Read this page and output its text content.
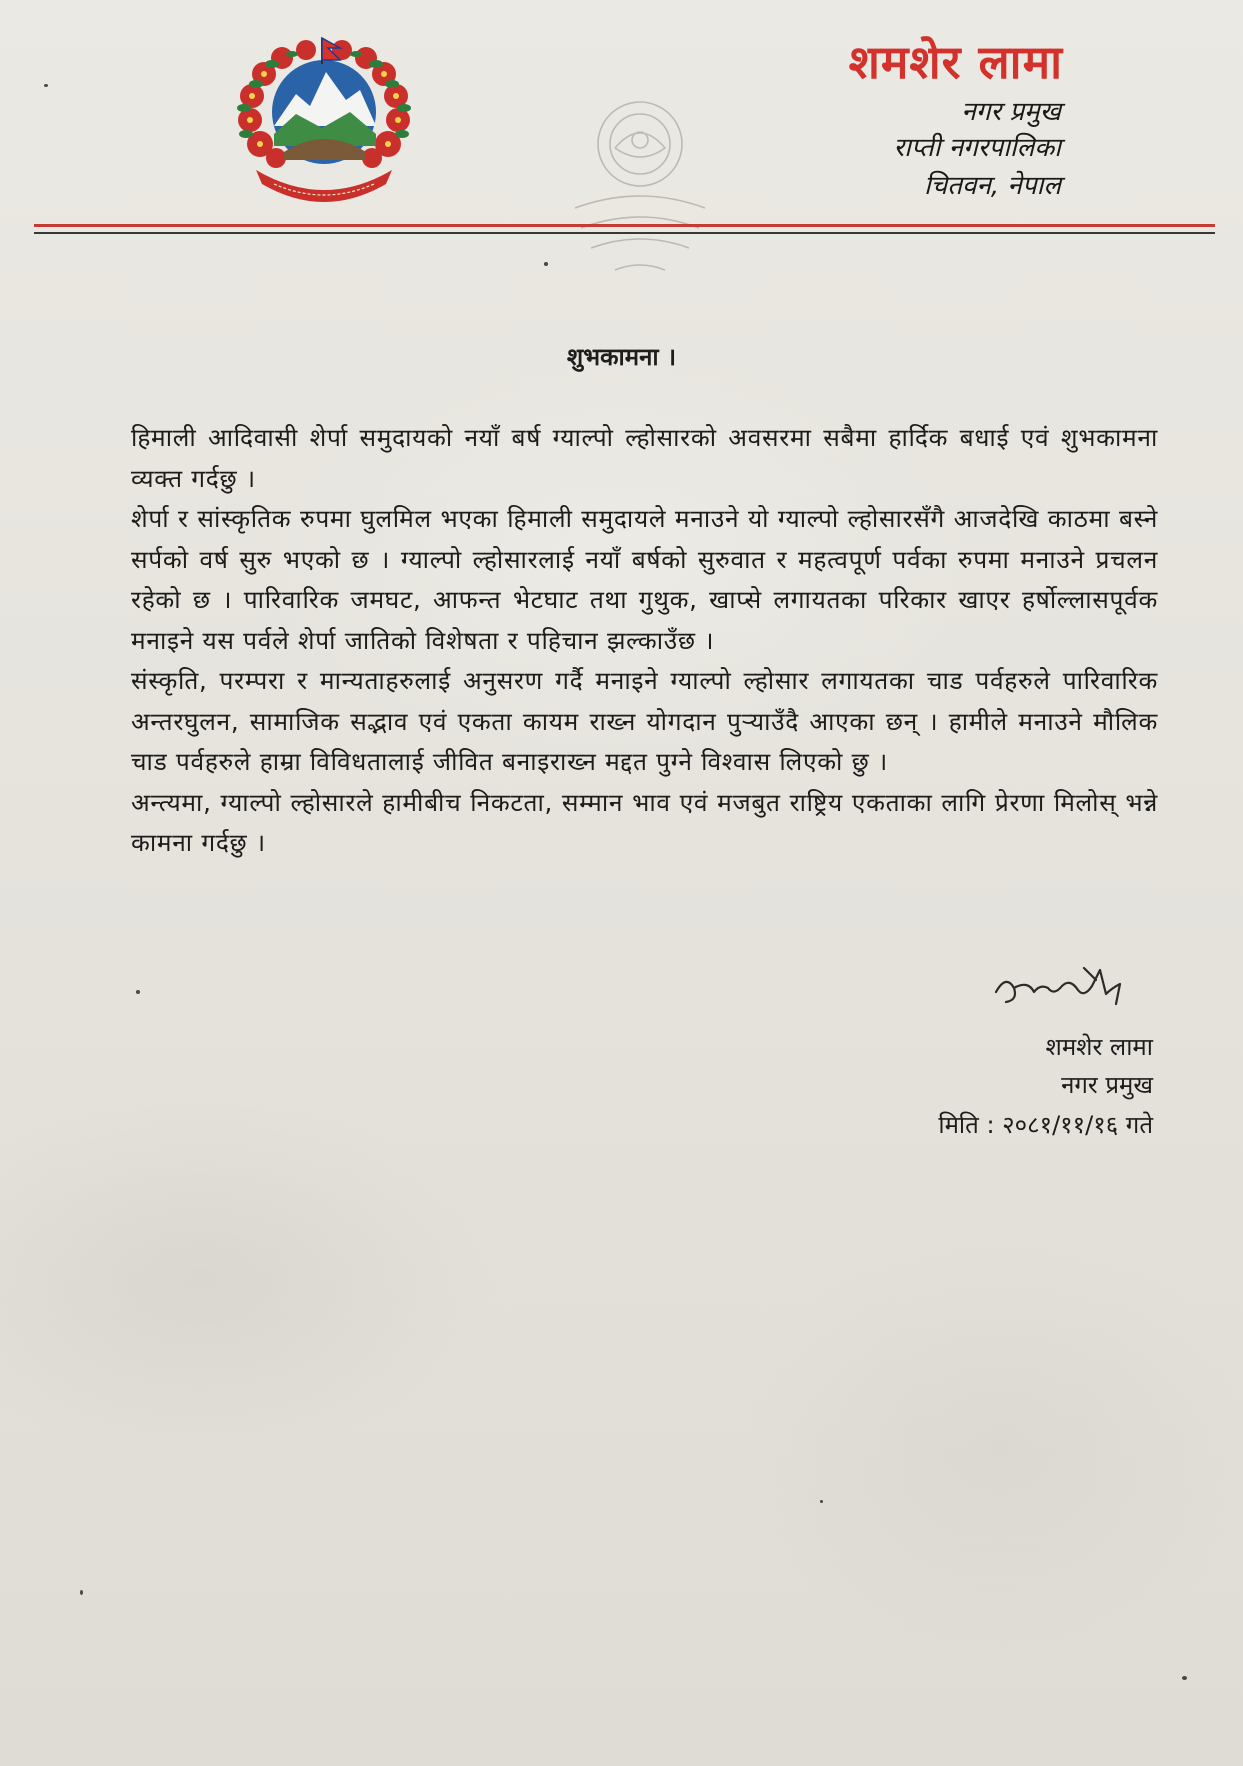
शमशेर लामा
नगर प्रमुख
राप्ती नगरपालिका
चितवन, नेपाल
शुभकामना ।

हिमाली आदिवासी शेर्पा समुदायको नयाँ बर्ष ग्याल्पो ल्होसारको अवसरमा सबैमा हार्दिक बधाई एवं शुभकामना व्यक्त गर्दछु ।

शेर्पा र सांस्कृतिक रुपमा घुलमिल भएका हिमाली समुदायले मनाउने यो ग्याल्पो ल्होसारसँगै आजदेखि काठमा बस्ने सर्पको वर्ष सुरु भएको छ । ग्याल्पो ल्होसारलाई नयाँ बर्षको सुरुवात र महत्वपूर्ण पर्वका रुपमा मनाउने प्रचलन रहेको छ । पारिवारिक जमघट, आफन्त भेटघाट तथा गुथुक, खाप्से लगायतका परिकार खाएर हर्षोल्लासपूर्वक मनाइने यस पर्वले शेर्पा जातिको विशेषता र पहिचान झल्काउँछ ।

संस्कृति, परम्परा र मान्यताहरुलाई अनुसरण गर्दै मनाइने ग्याल्पो ल्होसार लगायतका चाड पर्वहरुले पारिवारिक अन्तरघुलन, सामाजिक सद्भाव एवं एकता कायम राख्न योगदान पुर्‍याउँदै आएका छन् । हामीले मनाउने मौलिक चाड पर्वहरुले हाम्रा विविधतालाई जीवित बनाइराख्न मद्दत पुग्ने विश्वास लिएको छु ।

अन्त्यमा, ग्याल्पो ल्होसारले हामीबीच निकटता, सम्मान भाव एवं मजबुत राष्ट्रिय एकताका लागि प्रेरणा मिलोस् भन्ने कामना गर्दछु ।

शमशेर लामा
नगर प्रमुख
मिति : २०८१/११/१६ गते
